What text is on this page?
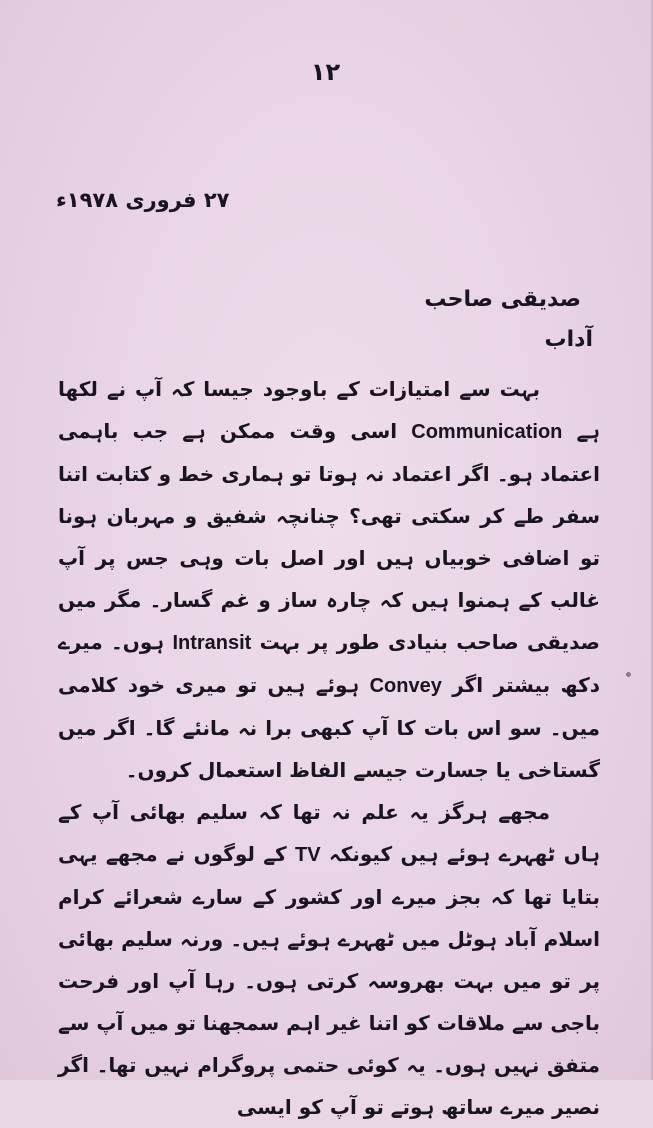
۱۲
۲۷ فروری ۱۹۷۸ء
صدیقی صاحب
آداب

بہت سے امتیازات کے باوجود جیسا کہ آپ نے لکھا ہے Communication اسی وقت ممکن ہے جب باہمی اعتماد ہو۔ اگر اعتماد نہ ہوتا تو ہماری خط و کتابت اتنا سفر طے کر سکتی تھی؟ چنانچہ شفیق و مہربان ہونا تو اضافی خوبیاں ہیں اور اصل بات وہی جس پر آپ غالب کے ہمنوا ہیں کہ چارہ ساز و غم گسار۔ مگر میں صدیقی صاحب بنیادی طور پر بہت Intransit ہوں۔ میرے دکھ بیشتر اگر Convey ہوئے ہیں تو میری خود کلامی میں۔ سو اس بات کا آپ کبھی برا نہ مانئے گا۔ اگر میں گستاخی یا جسارت جیسے الفاظ استعمال کروں۔

مجھے ہرگز یہ علم نہ تھا کہ سلیم بھائی آپ کے ہاں ٹھہرے ہوئے ہیں کیونکہ TV کے لوگوں نے مجھے یہی بتایا تھا کہ بجز میرے اور کشور کے سارے شعرائے کرام اسلام آباد ہوٹل میں ٹھہرے ہوئے ہیں۔ ورنہ سلیم بھائی پر تو میں بہت بھروسہ کرتی ہوں۔ رہا آپ اور فرحت باجی سے ملاقات کو اتنا غیر اہم سمجھنا تو میں آپ سے متفق نہیں ہوں۔ یہ کوئی حتمی پروگرام نہیں تھا۔ اگر نصیر میرے ساتھ ہوتے تو آپ کو ایسی
